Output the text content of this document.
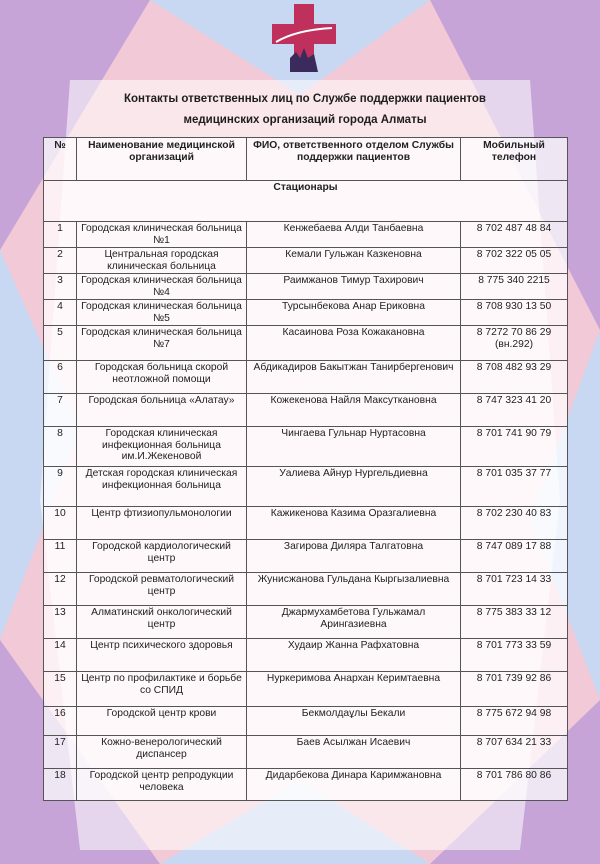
Контакты ответственных лиц по Службе поддержки пациентов
медицинских организаций города Алматы
№	Наименование медицинской организаций	ФИО, ответственного отделом Службы поддержки пациентов	Мобильный телефон
Стационары			
1	Городская клиническая больница №1	Кенжебаева Алди Танбаевна	8 702 487 48 84
2	Центральная городская клиническая больница	Кемали Гульжан Казкеновна	8 702 322 05 05
3	Городская клиническая больница №4	Раимжанов Тимур Тахирович	8 775 340 2215
4	Городская клиническая больница №5	Турсынбекова Анар Ериковна	8 708 930 13 50
5	Городская клиническая больница №7	Касаинова Роза Кожакановна	8 7272 70 86 29 (вн.292)
6	Городская больница скорой неотложной помощи	Абдикадиров Бакытжан Танирбергенович	8 708 482 93 29
7	Городская больница «Алатау»	Кожекенова Найля Максуткановна	8 747 323 41 20
8	Городская клиническая инфекционная больница им.И.Жекеновой	Чингаева Гульнар Нуртасовна	8 701 741 90 79
9	Детская городская клиническая инфекционная больница	Уалиева Айнур Нургельдиевна	8 701 035 37 77
10	Центр фтизиопульмонологии	Кажикенова Казима Оразгалиевна	8 702 230 40 83
11	Городской кардиологический центр	Загирова Диляра Талгатовна	8 747 089 17 88
12	Городской ревматологический центр	Жунисжанова Гульдана Кыргызалиевна	8 701 723 14 33
13	Алматинский онкологический центр	Джармухамбетова Гульжамал Арингазиевна	8 775 383 33 12
14	Центр психического здоровья	Худаир Жанна Рафхатовна	8 701 773 33 59
15	Центр по профилактике и борьбе со СПИД	Нуркеримова Анархан Керимтаевна	8 701 739 92 86
16	Городской центр крови	Бекмолдаұлы Бекали	8 775 672 94 98
17	Кожно-венерологический диспансер	Баев Асылжан Исаевич	8 707 634 21 33
18	Городской центр репродукции человека	Дидарбекова Динара Каримжановна	8 701 786 80 86
